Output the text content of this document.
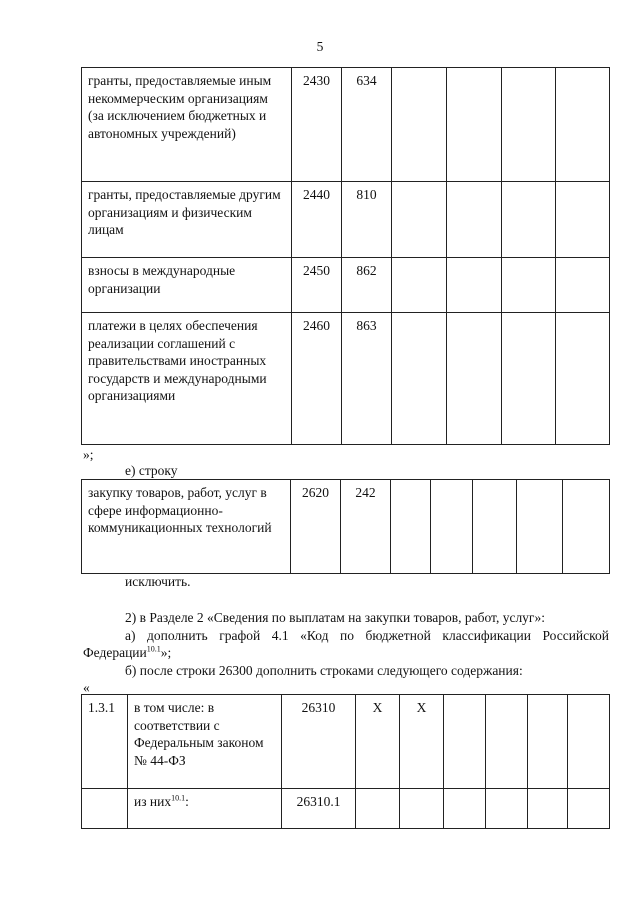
5
гранты, предоставляемые иным некоммерческим организациям (за исключением бюджетных и автономных учреждений)	2430	634				
гранты, предоставляемые другим организациям и физическим лицам	2440	810				
взносы в международные организации	2450	862				
платежи в целях обеспечения реализации соглашений с правительствами иностранных государств и международными организациями	2460	863				
»;
е) строку
закупку товаров, работ, услуг в сфере информационно-коммуникационных технологий	2620	242					
исключить.
2) в Разделе 2 «Сведения по выплатам на закупки товаров, работ, услуг»:
а) дополнить графой 4.1 «Код по бюджетной классификации Российской
Федерации$^{10.1}$»;
б) после строки 26300 дополнить строками следующего содержания:
«
1.3.1	в том числе: в соответствии с Федеральным законом № 44-ФЗ	26310	X	X				
	из них$^{10.1}$:	26310.1						
